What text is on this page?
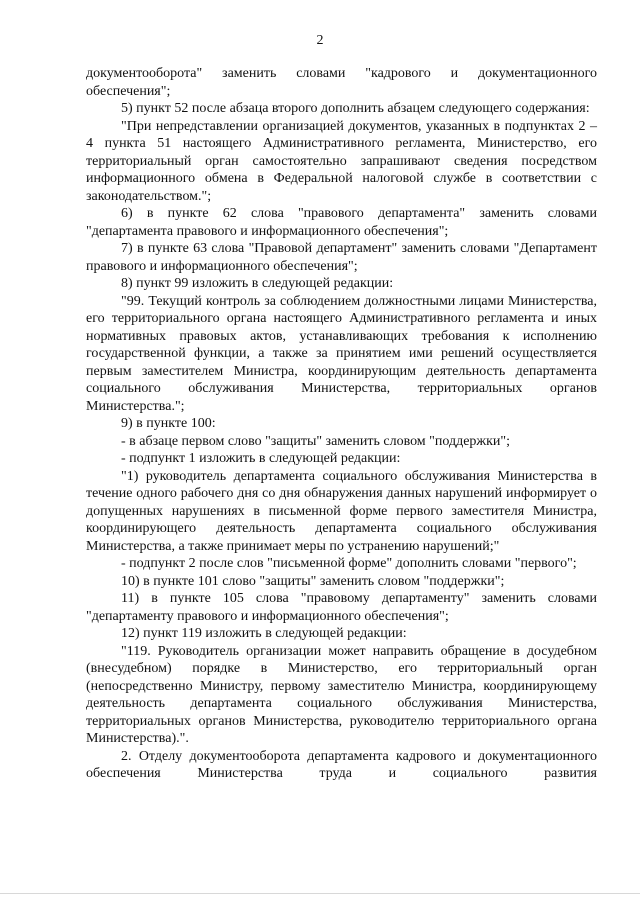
2

документооборота" заменить словами "кадрового и документационного обеспечения";

5) пункт 52 после абзаца второго дополнить абзацем следующего содержания:

"При непредставлении организацией документов, указанных в подпунктах 2 – 4 пункта 51 настоящего Административного регламента, Министерство, его территориальный орган самостоятельно запрашивают сведения посредством информационного обмена в Федеральной налоговой службе в соответствии с законодательством.";

6) в пункте 62 слова "правового департамента" заменить словами "департамента правового и информационного обеспечения";

7) в пункте 63 слова "Правовой департамент" заменить словами "Департамент правового и информационного обеспечения";

8) пункт 99 изложить в следующей редакции:

"99. Текущий контроль за соблюдением должностными лицами Министерства, его территориального органа настоящего Административного регламента и иных нормативных правовых актов, устанавливающих требования к исполнению государственной функции, а также за принятием ими решений осуществляется первым заместителем Министра, координирующим деятельность департамента социального обслуживания Министерства, территориальных органов Министерства.";

9) в пункте 100:

- в абзаце первом слово "защиты" заменить словом "поддержки";

- подпункт 1 изложить в следующей редакции:

"1) руководитель департамента социального обслуживания Министерства в течение одного рабочего дня со дня обнаружения данных нарушений информирует о допущенных нарушениях в письменной форме первого заместителя Министра, координирующего деятельность департамента социального обслуживания Министерства, а также принимает меры по устранению нарушений;"

- подпункт 2 после слов "письменной форме" дополнить словами "первого";

10) в пункте 101 слово "защиты" заменить словом "поддержки";

11) в пункте 105 слова "правовому департаменту" заменить словами "департаменту правового и информационного обеспечения";

12) пункт 119 изложить в следующей редакции:

"119. Руководитель организации может направить обращение в досудебном (внесудебном) порядке в Министерство, его территориальный орган (непосредственно Министру, первому заместителю Министра, координирующему деятельность департамента социального обслуживания Министерства, территориальных органов Министерства, руководителю территориального органа Министерства).".

2. Отделу документооборота департамента кадрового и документационного обеспечения Министерства труда и социального развития
